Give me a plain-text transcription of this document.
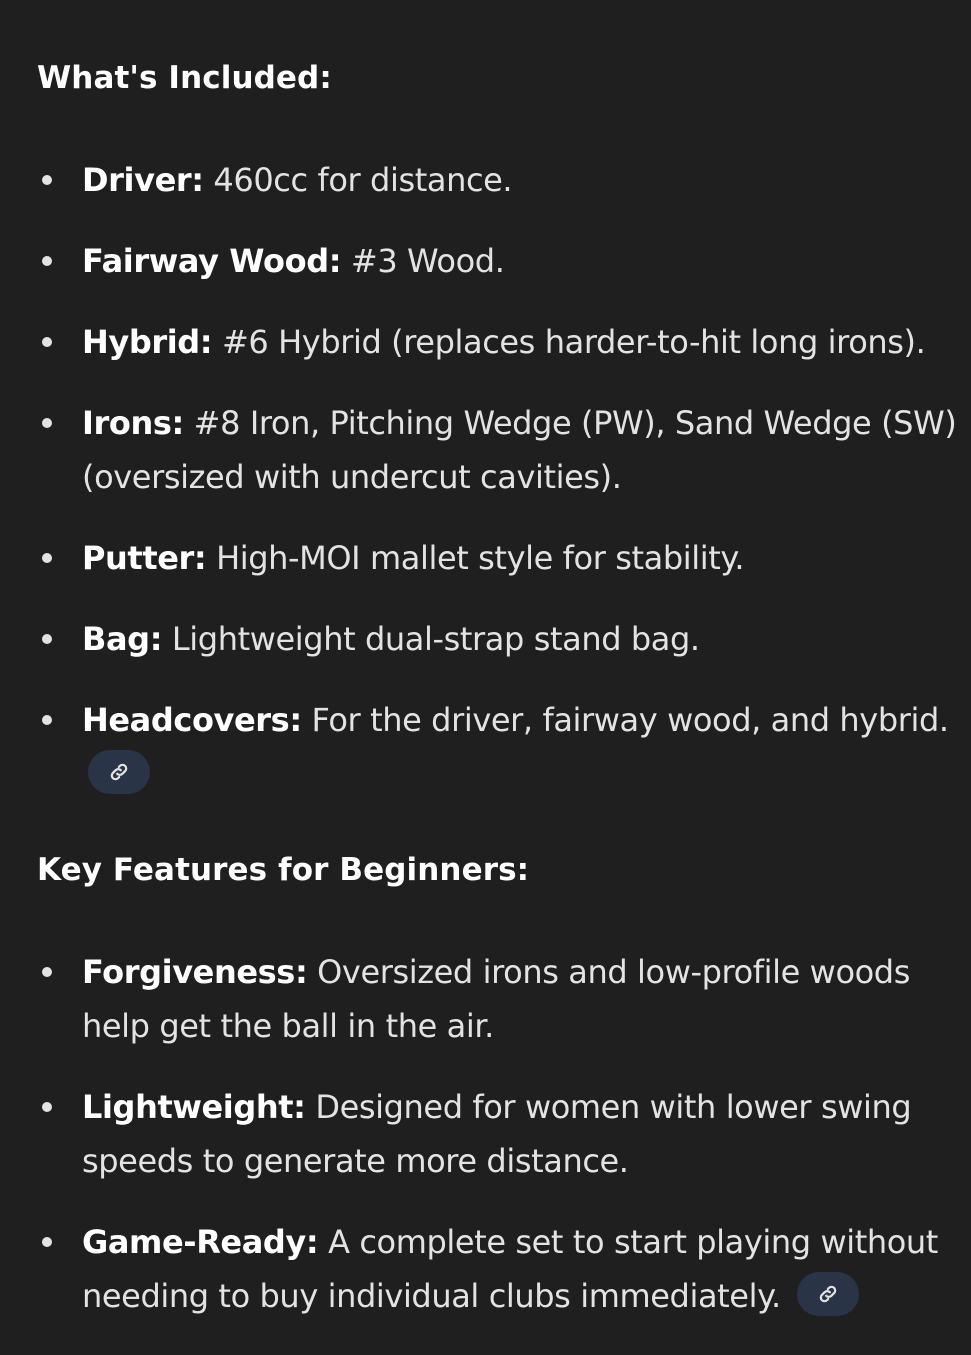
What's Included:
Driver: 460cc for distance.
Fairway Wood: #3 Wood.
Hybrid: #6 Hybrid (replaces harder-to-hit long irons).
Irons: #8 Iron, Pitching Wedge (PW), Sand Wedge (SW) (oversized with undercut cavities).
Putter: High-MOI mallet style for stability.
Bag: Lightweight dual-strap stand bag.
Headcovers: For the driver, fairway wood, and hybrid.
Key Features for Beginners:
Forgiveness: Oversized irons and low-profile woods help get the ball in the air.
Lightweight: Designed for women with lower swing speeds to generate more distance.
Game-Ready: A complete set to start playing without needing to buy individual clubs immediately.
